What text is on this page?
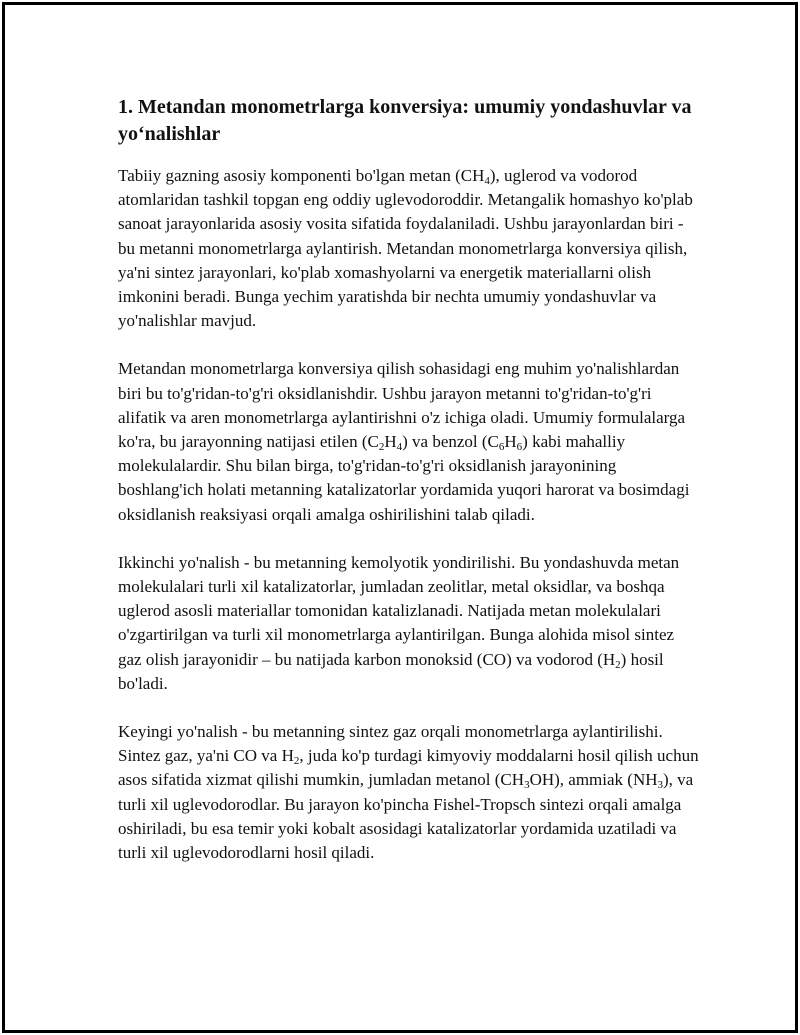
1. Metandan monometrlarga konversiya: umumiy yondashuvlar va yo‘nalishlar

Tabiiy gazning asosiy komponenti bo'lgan metan $(CH_4)$, uglerod va vodorod atomlaridan tashkil topgan eng oddiy uglevodoroddir. Metangalik homashyo ko'plab sanoat jarayonlarida asosiy vosita sifatida foydalaniladi. Ushbu jarayonlardan biri - bu metanni monometrlarga aylantirish. Metandan monometrlarga konversiya qilish, ya'ni sintez jarayonlari, ko'plab xomashyolarni va energetik materiallarni olish imkonini beradi. Bunga yechim yaratishda bir nechta umumiy yondashuvlar va yo'nalishlar mavjud.

Metandan monometrlarga konversiya qilish sohasidagi eng muhim yo'nalishlardan biri bu to'g'ridan-to'g'ri oksidlanishdir. Ushbu jarayon metanni to'g'ridan-to'g'ri alifatik va aren monometrlarga aylantirishni o'z ichiga oladi. Umumiy formulalarga ko'ra, bu jarayonning natijasi etilen $(C_2H_4)$ va benzol $(C_6H_6)$ kabi mahalliy molekulalardir. Shu bilan birga, to'g'ridan-to'g'ri oksidlanish jarayonining boshlang'ich holati metanning katalizatorlar yordamida yuqori harorat va bosimdagi oksidlanish reaksiyasi orqali amalga oshirilishini talab qiladi.

Ikkinchi yo'nalish - bu metanning kemolyotik yondirilishi. Bu yondashuvda metan molekulalari turli xil katalizatorlar, jumladan zeolitlar, metal oksidlar, va boshqa uglerod asosli materiallar tomonidan katalizlanadi. Natijada metan molekulalari o'zgartirilgan va turli xil monometrlarga aylantirilgan. Bunga alohida misol sintez gaz olish jarayonidir – bu natijada karbon monoksid (CO) va vodorod $(H_2)$ hosil bo'ladi.

Keyingi yo'nalish - bu metanning sintez gaz orqali monometrlarga aylantirilishi. Sintez gaz, ya'ni CO va $H_2$, juda ko'p turdagi kimyoviy moddalarni hosil qilish uchun asos sifatida xizmat qilishi mumkin, jumladan metanol $(CH_3OH)$, ammiak $(NH_3)$, va turli xil uglevodorodlar. Bu jarayon ko'pincha Fishel-Tropsch sintezi orqali amalga oshiriladi, bu esa temir yoki kobalt asosidagi katalizatorlar yordamida uzatiladi va turli xil uglevodorodlarni hosil qiladi.
